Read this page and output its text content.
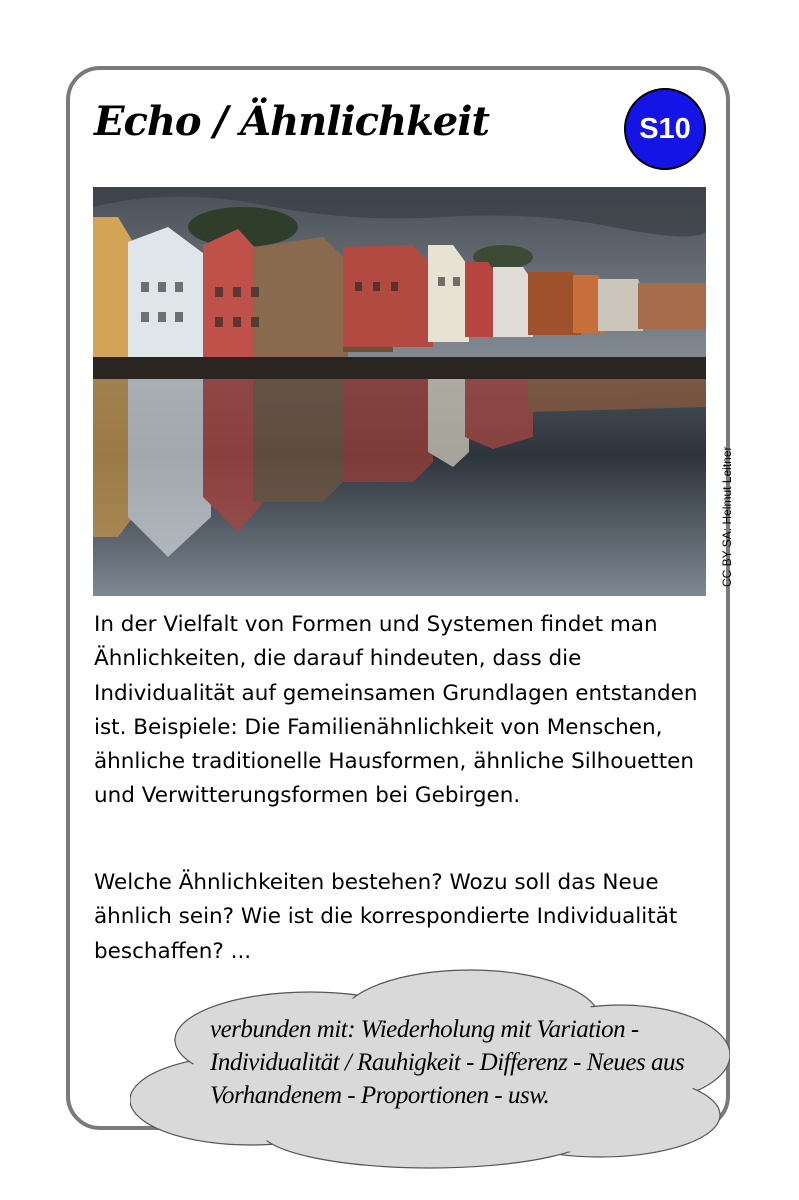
Echo / Ähnlichkeit	S10
CC BY SA: Helmut Leitner

In der Vielfalt von Formen und Systemen findet man Ähnlichkeiten, die darauf hindeuten, dass die Individualität auf gemeinsamen Grundlagen entstanden ist. Beispiele: Die Familienähnlichkeit von Menschen, ähnliche traditionelle Hausformen, ähnliche Silhouetten und Verwitterungsformen bei Gebirgen.

Welche Ähnlichkeiten bestehen? Wozu soll das Neue ähnlich sein? Wie ist die korrespondierte Individualität beschaffen? ...

verbunden mit: Wiederholung mit Variation - Individualität / Rauhigkeit - Differenz - Neues aus Vorhandenem - Proportionen - usw.
